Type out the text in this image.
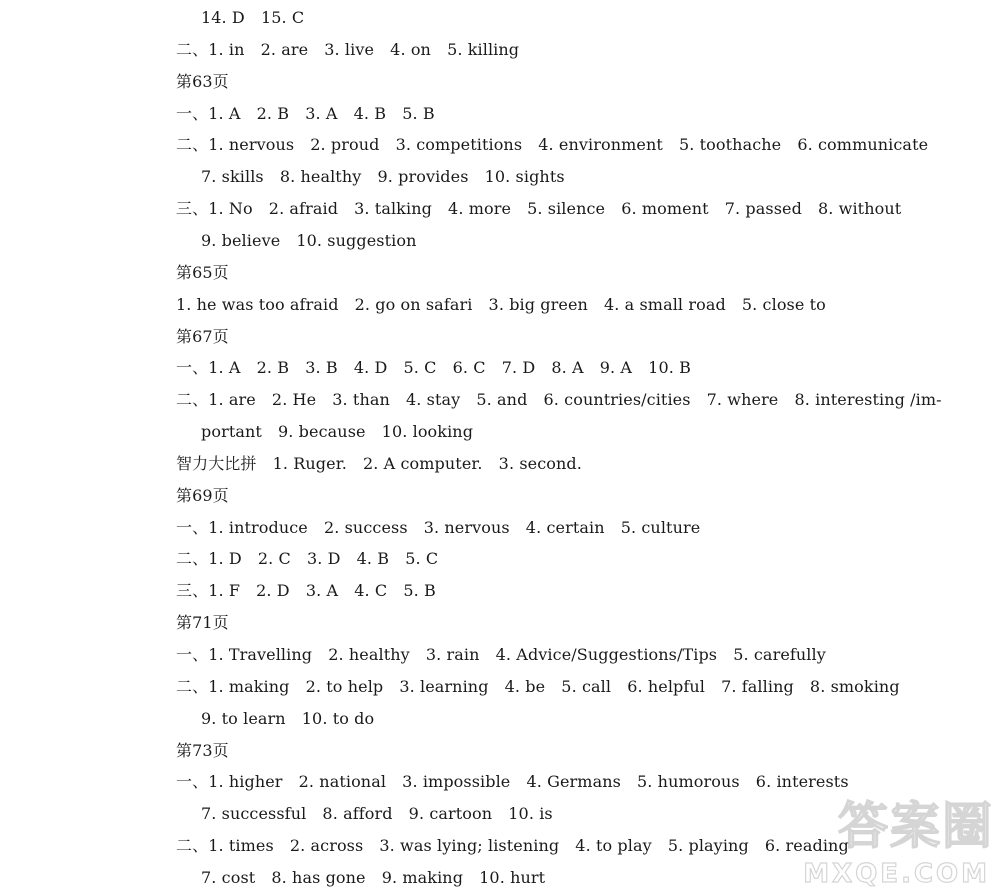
14. D　15. C
二、1. in　2. are　3. live　4. on　5. killing
第63页
一、1. A　2. B　3. A　4. B　5. B
二、1. nervous　2. proud　3. competitions　4. environment　5. toothache　6. communicate
7. skills　8. healthy　9. provides　10. sights
三、1. No　2. afraid　3. talking　4. more　5. silence　6. moment　7. passed　8. without
9. believe　10. suggestion
第65页
1. he was too afraid　2. go on safari　3. big green　4. a small road　5. close to
第67页
一、1. A　2. B　3. B　4. D　5. C　6. C　7. D　8. A　9. A　10. B
二、1. are　2. He　3. than　4. stay　5. and　6. countries/cities　7. where　8. interesting /im-
portant　9. because　10. looking
智力大比拼　1. Ruger.　2. A computer.　3. second.
第69页
一、1. introduce　2. success　3. nervous　4. certain　5. culture
二、1. D　2. C　3. D　4. B　5. C
三、1. F　2. D　3. A　4. C　5. B
第71页
一、1. Travelling　2. healthy　3. rain　4. Advice/Suggestions/Tips　5. carefully
二、1. making　2. to help　3. learning　4. be　5. call　6. helpful　7. falling　8. smoking
9. to learn　10. to do
第73页
一、1. higher　2. national　3. impossible　4. Germans　5. humorous　6. interests
7. successful　8. afford　9. cartoon　10. is
二、1. times　2. across　3. was lying; listening　4. to play　5. playing　6. reading
7. cost　8. has gone　9. making　10. hurt
答案圈
MXQE.COM
